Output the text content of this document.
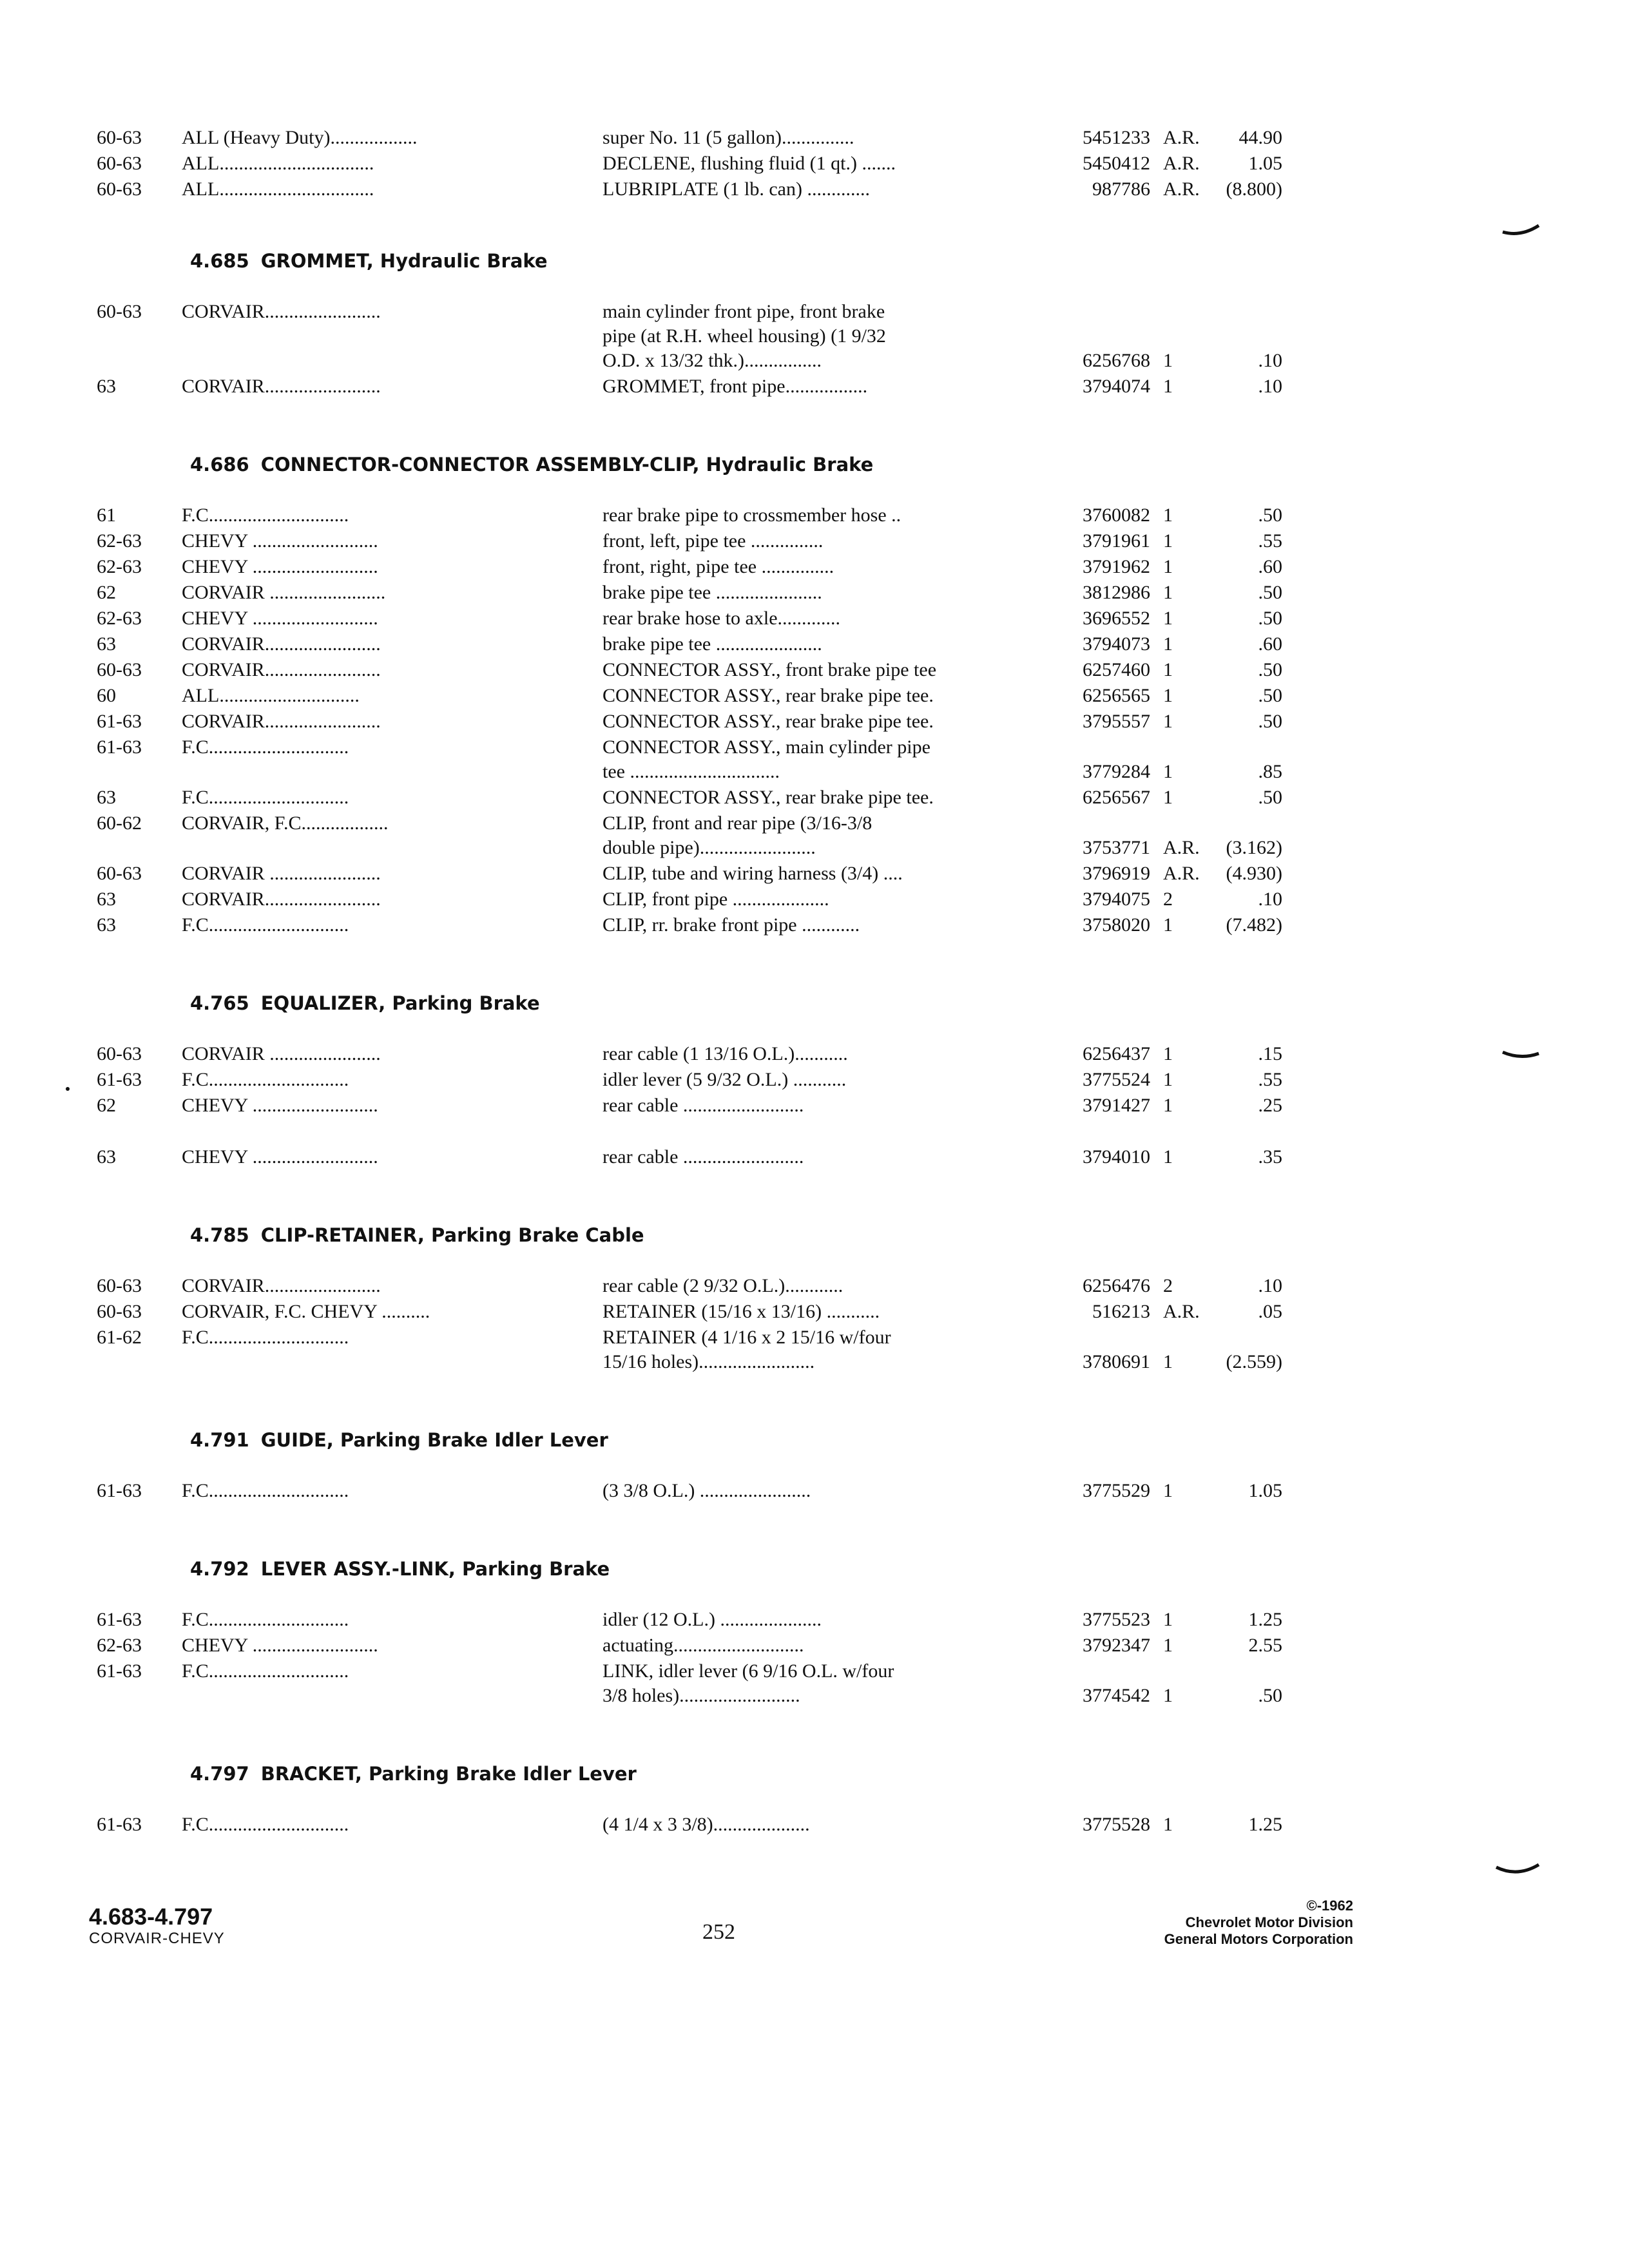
60-63 ALL (Heavy Duty)..................	super No. 11 (5 gallon)...............	5451233 A.R.	44.90
60-63 ALL................................	DECLENE, flushing fluid (1 qt.) .......	5450412 A.R.	1.05
60-63 ALL................................	LUBRIPLATE (1 lb. can) .............	987786 A.R.	(8.800)
4.685 GROMMET, Hydraulic Brake
60-63 CORVAIR........................	main cylinder front pipe, front brake
pipe (at R.H. wheel housing) (1 9/32
O.D. x 13/32 thk.)................	6256768 1	.10
63	CORVAIR........................	GROMMET, front pipe.................	3794074 1	.10
4.686 CONNECTOR-CONNECTOR ASSEMBLY-CLIP, Hydraulic Brake
61	F.C.............................	rear brake pipe to crossmember hose ..	3760082 1	.50
62-63 CHEVY ..........................	front, left, pipe tee ...............	3791961 1	.55
62-63 CHEVY ..........................	front, right, pipe tee ...............	3791962 1	.60
62	CORVAIR ........................	brake pipe tee ......................	3812986 1	.50
62-63 CHEVY ..........................	rear brake hose to axle.............	3696552 1	.50
63	CORVAIR........................	brake pipe tee ......................	3794073 1	.60
60-63 CORVAIR........................	CONNECTOR ASSY., front brake pipe tee	6257460 1	.50
60	ALL.............................	CONNECTOR ASSY., rear brake pipe tee.	6256565 1	.50
61-63 CORVAIR........................	CONNECTOR ASSY., rear brake pipe tee.	3795557 1	.50
61-63 F.C.............................	CONNECTOR ASSY., main cylinder pipe
tee ...............................	3779284 1	.85
63	F.C.............................	CONNECTOR ASSY., rear brake pipe tee.	6256567 1	.50
60-62 CORVAIR, F.C..................	CLIP, front and rear pipe (3/16-3/8
double pipe)........................	3753771 A.R.	(3.162)
60-63 CORVAIR .......................	CLIP, tube and wiring harness (3/4) ....	3796919 A.R.	(4.930)
63	CORVAIR........................	CLIP, front pipe ....................	3794075 2	.10
63	F.C.............................	CLIP, rr. brake front pipe ............	3758020 1	(7.482)
4.765 EQUALIZER, Parking Brake
60-63 CORVAIR .......................	rear cable (1 13/16 O.L.)...........	6256437 1	.15
61-63 F.C.............................	idler lever (5 9/32 O.L.) ...........	3775524 1	.55
62	CHEVY ..........................	rear cable .........................	3791427 1	.25
63	CHEVY ..........................	rear cable .........................	3794010 1	.35
4.785 CLIP-RETAINER, Parking Brake Cable
60-63 CORVAIR........................	rear cable (2 9/32 O.L.)............	6256476 2	.10
60-63 CORVAIR, F.C. CHEVY ..........	RETAINER (15/16 x 13/16) ...........	516213 A.R.	.05
61-62 F.C.............................	RETAINER (4 1/16 x 2 15/16 w/four
15/16 holes)........................	3780691 1	(2.559)
4.791 GUIDE, Parking Brake Idler Lever
61-63 F.C.............................	(3 3/8 O.L.) .......................	3775529 1	1.05
4.792 LEVER ASSY.-LINK, Parking Brake
61-63 F.C.............................	idler (12 O.L.) .....................	3775523 1	1.25
62-63 CHEVY ..........................	actuating...........................	3792347 1	2.55
61-63 F.C.............................	LINK, idler lever (6 9/16 O.L. w/four
3/8 holes).........................	3774542 1	.50
4.797 BRACKET, Parking Brake Idler Lever
61-63 F.C.............................	(4 1/4 x 3 3/8)....................	3775528 1	1.25
4.683-4.797
CORVAIR-CHEVY	252
©-1962
Chevrolet Motor Division
General Motors Corporation
